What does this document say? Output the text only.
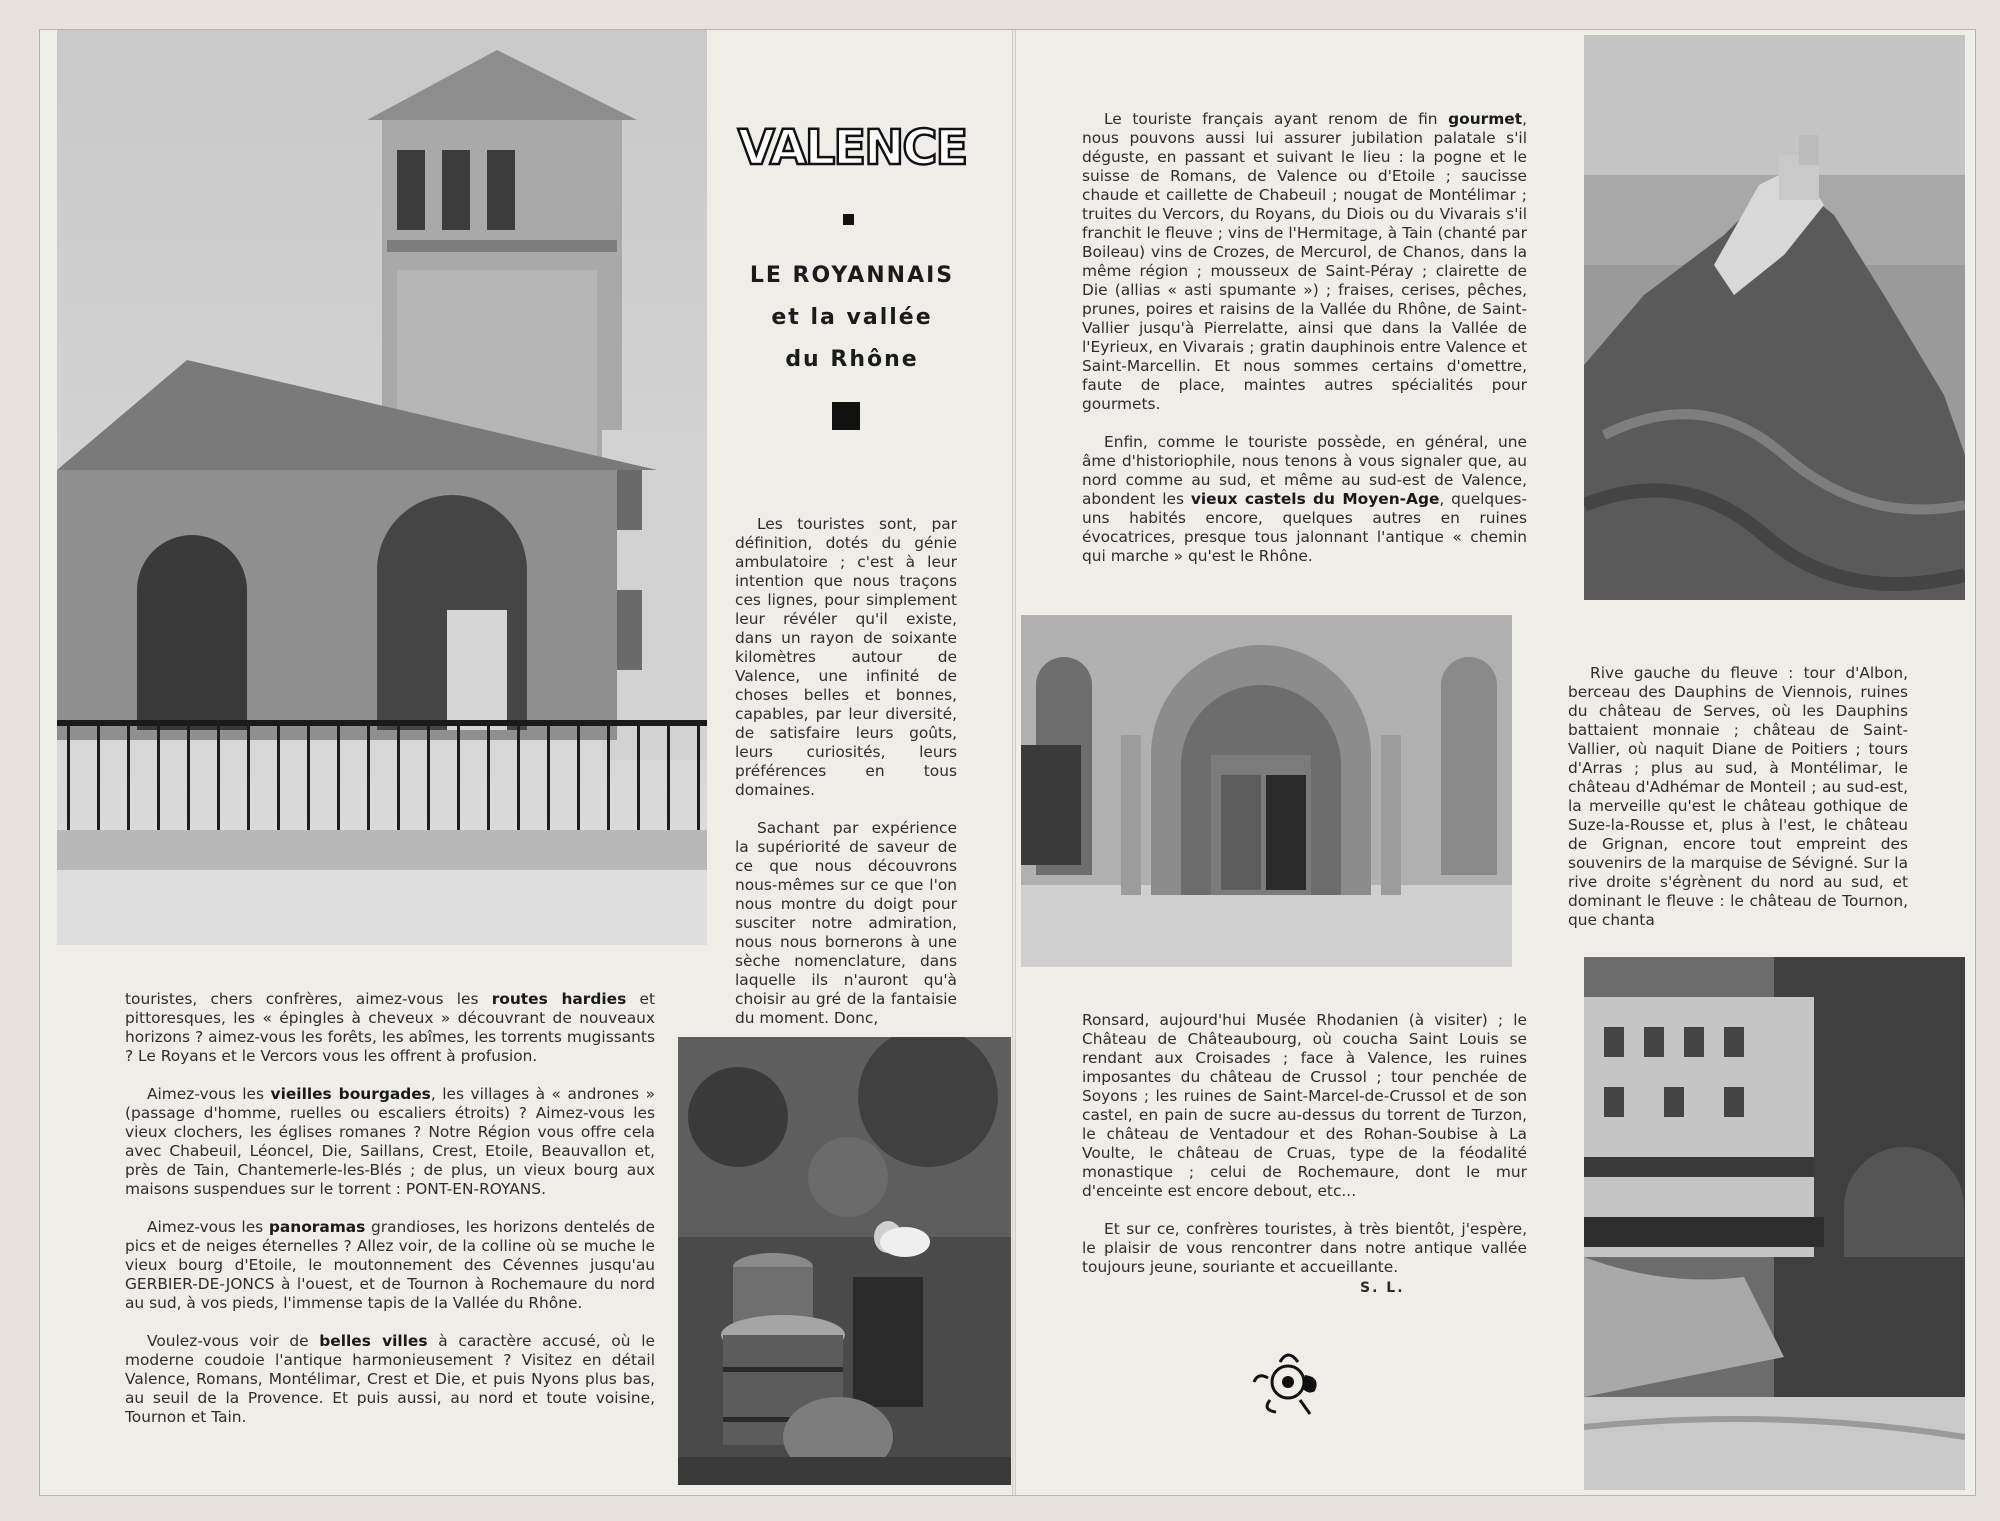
VALENCE
LE ROYANNAIS
et la vallée
du Rhône

Les touristes sont, par définition, dotés du génie ambulatoire ; c'est à leur intention que nous traçons ces lignes, pour simplement leur révéler qu'il existe, dans un rayon de soixante kilomètres autour de Valence, une infinité de choses belles et bonnes, capables, par leur diversité, de satisfaire leurs goûts, leurs curiosités, leurs préférences en tous domaines.

Sachant par expérience la supériorité de saveur de ce que nous découvrons nous-mêmes sur ce que l'on nous montre du doigt pour susciter notre admiration, nous nous bornerons à une sèche nomenclature, dans laquelle ils n'auront qu'à choisir au gré de la fantaisie du moment. Donc,

touristes, chers confrères, aimez-vous les routes hardies et pittoresques, les « épingles à cheveux » découvrant de nouveaux horizons ? aimez-vous les forêts, les abîmes, les torrents mugissants ? Le Royans et le Vercors vous les offrent à profusion.

Aimez-vous les vieilles bourgades, les villages à « andrones » (passage d'homme, ruelles ou escaliers étroits) ? Aimez-vous les vieux clochers, les églises romanes ? Notre Région vous offre cela avec Chabeuil, Léoncel, Die, Saillans, Crest, Etoile, Beauvallon et, près de Tain, Chantemerle-les-Blés ; de plus, un vieux bourg aux maisons suspendues sur le torrent : PONT-EN-ROYANS.

Aimez-vous les panoramas grandioses, les horizons dentelés de pics et de neiges éternelles ? Allez voir, de la colline où se muche le vieux bourg d'Etoile, le moutonnement des Cévennes jusqu'au GERBIER-DE-JONCS à l'ouest, et de Tournon à Rochemaure du nord au sud, à vos pieds, l'immense tapis de la Vallée du Rhône.

Voulez-vous voir de belles villes à caractère accusé, où le moderne coudoie l'antique harmonieusement ? Visitez en détail Valence, Romans, Montélimar, Crest et Die, et puis Nyons plus bas, au seuil de la Provence. Et puis aussi, au nord et toute voisine, Tournon et Tain.

Le touriste français ayant renom de fin gourmet, nous pouvons aussi lui assurer jubilation palatale s'il déguste, en passant et suivant le lieu : la pogne et le suisse de Romans, de Valence ou d'Etoile ; saucisse chaude et caillette de Chabeuil ; nougat de Montélimar ; truites du Vercors, du Royans, du Diois ou du Vivarais s'il franchit le fleuve ; vins de l'Hermitage, à Tain (chanté par Boileau) vins de Crozes, de Mercurol, de Chanos, dans la même région ; mousseux de Saint-Péray ; clairette de Die (allias « asti spumante ») ; fraises, cerises, pêches, prunes, poires et raisins de la Vallée du Rhône, de Saint-Vallier jusqu'à Pierrelatte, ainsi que dans la Vallée de l'Eyrieux, en Vivarais ; gratin dauphinois entre Valence et Saint-Marcellin. Et nous sommes certains d'omettre, faute de place, maintes autres spécialités pour gourmets.

Enfin, comme le touriste possède, en général, une âme d'historiophile, nous tenons à vous signaler que, au nord comme au sud, et même au sud-est de Valence, abondent les vieux castels du Moyen-Age, quelques-uns habités encore, quelques autres en ruines évocatrices, presque tous jalonnant l'antique « chemin qui marche » qu'est le Rhône.

Rive gauche du fleuve : tour d'Albon, berceau des Dauphins de Viennois, ruines du château de Serves, où les Dauphins battaient monnaie ; château de Saint-Vallier, où naquit Diane de Poitiers ; tours d'Arras ; plus au sud, à Montélimar, le château d'Adhémar de Monteil ; au sud-est, la merveille qu'est le château gothique de Suze-la-Rousse et, plus à l'est, le château de Grignan, encore tout empreint des souvenirs de la marquise de Sévigné. Sur la rive droite s'égrènent du nord au sud, et dominant le fleuve : le château de Tournon, que chanta

Ronsard, aujourd'hui Musée Rhodanien (à visiter) ; le Château de Châteaubourg, où coucha Saint Louis se rendant aux Croisades ; face à Valence, les ruines imposantes du château de Crussol ; tour penchée de Soyons ; les ruines de Saint-Marcel-de-Crussol et de son castel, en pain de sucre au-dessus du torrent de Turzon, le château de Ventadour et des Rohan-Soubise à La Voulte, le château de Cruas, type de la féodalité monastique ; celui de Rochemaure, dont le mur d'enceinte est encore debout, etc...

Et sur ce, confrères touristes, à très bientôt, j'espère, le plaisir de vous rencontrer dans notre antique vallée toujours jeune, souriante et accueillante.

S. L.
